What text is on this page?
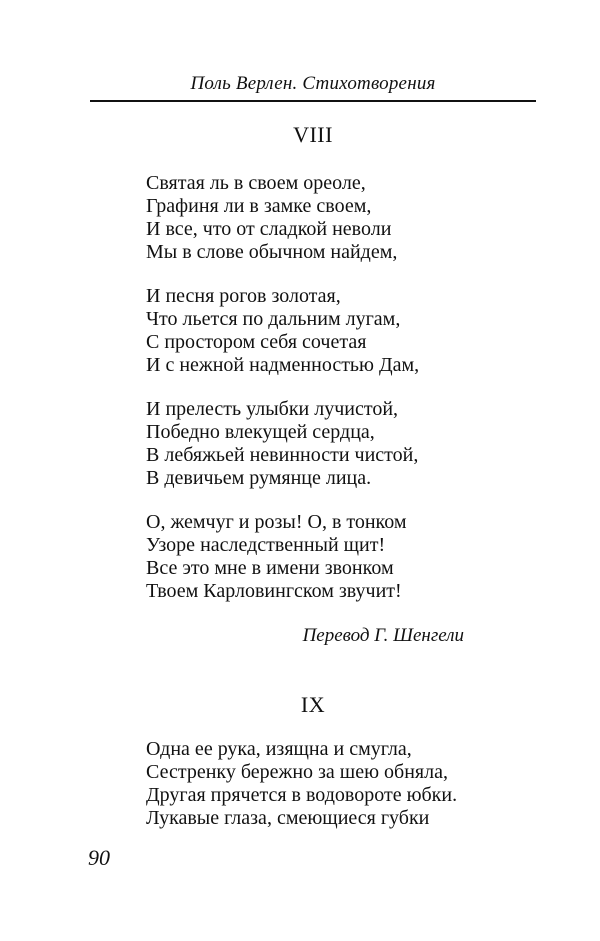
Поль Верлен. Стихотворения
VIII
Святая ль в своем ореоле,
Графиня ли в замке своем,
И все, что от сладкой неволи
Мы в слове обычном найдем,
И песня рогов золотая,
Что льется по дальним лугам,
С простором себя сочетая
И с нежной надменностью Дам,
И прелесть улыбки лучистой,
Победно влекущей сердца,
В лебяжьей невинности чистой,
В девичьем румянце лица.
О, жемчуг и розы! О, в тонком
Узоре наследственный щит!
Все это мне в имени звонком
Твоем Карловингском звучит!
Перевод Г. Шенгели
IX
Одна ее рука, изящна и смугла,
Сестренку бережно за шею обняла,
Другая прячется в водовороте юбки.
Лукавые глаза, смеющиеся губки
90
